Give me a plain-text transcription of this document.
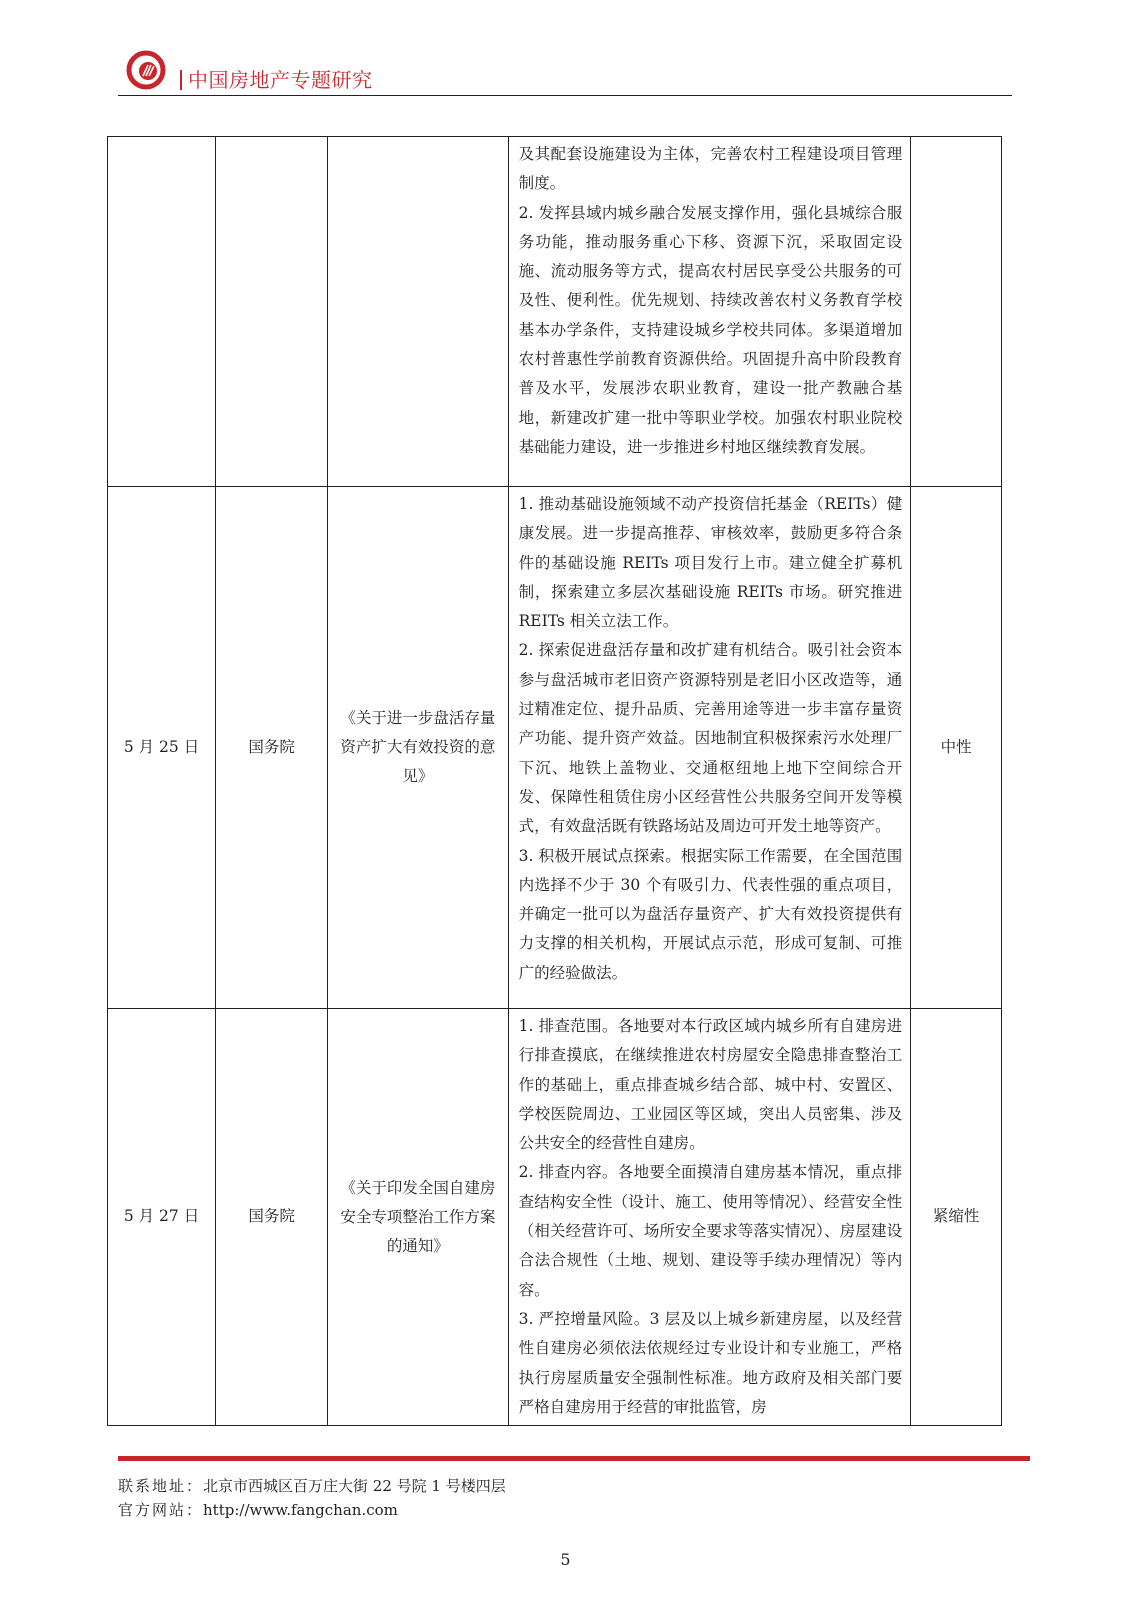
中国房地产专题研究

			及其配套设施建设为主体，完善农村工程建设项目管理制度。

2. 发挥县域内城乡融合发展支撑作用，强化县城综合服务功能，推动服务重心下移、资源下沉，采取固定设施、流动服务等方式，提高农村居民享受公共服务的可及性、便利性。优先规划、持续改善农村义务教育学校基本办学条件，支持建设城乡学校共同体。多渠道增加农村普惠性学前教育资源供给。巩固提升高中阶段教育普及水平，发展涉农职业教育，建设一批产教融合基地，新建改扩建一批中等职业学校。加强农村职业院校基础能力建设，进一步推进乡村地区继续教育发展。	

5 月 25 日	国务院	《关于进一步盘活存量资产扩大有效投资的意见》	1. 推动基础设施领域不动产投资信托基金（REITs）健康发展。进一步提高推荐、审核效率，鼓励更多符合条件的基础设施 REITs 项目发行上市。建立健全扩募机制，探索建立多层次基础设施 REITs 市场。研究推进 REITs 相关立法工作。

2. 探索促进盘活存量和改扩建有机结合。吸引社会资本参与盘活城市老旧资产资源特别是老旧小区改造等，通过精准定位、提升品质、完善用途等进一步丰富存量资产功能、提升资产效益。因地制宜积极探索污水处理厂下沉、地铁上盖物业、交通枢纽地上地下空间综合开发、保障性租赁住房小区经营性公共服务空间开发等模式，有效盘活既有铁路场站及周边可开发土地等资产。

3. 积极开展试点探索。根据实际工作需要，在全国范围内选择不少于 30 个有吸引力、代表性强的重点项目，并确定一批可以为盘活存量资产、扩大有效投资提供有力支撑的相关机构，开展试点示范，形成可复制、可推广的经验做法。	中性
5 月 27 日	国务院	《关于印发全国自建房安全专项整治工作方案的通知》	1. 排查范围。各地要对本行政区域内城乡所有自建房进行排查摸底，在继续推进农村房屋安全隐患排查整治工作的基础上，重点排查城乡结合部、城中村、安置区、学校医院周边、工业园区等区域，突出人员密集、涉及公共安全的经营性自建房。

2. 排查内容。各地要全面摸清自建房基本情况，重点排查结构安全性（设计、施工、使用等情况）、经营安全性（相关经营许可、场所安全要求等落实情况）、房屋建设合法合规性（土地、规划、建设等手续办理情况）等内容。

3. 严控增量风险。3 层及以上城乡新建房屋，以及经营性自建房必须依法依规经过专业设计和专业施工，严格执行房屋质量安全强制性标准。地方政府及相关部门要严格自建房用于经营的审批监管，房	紧缩性
联系地址：北京市西城区百万庄大街 22 号院 1 号楼四层
官方网站：http://www.fangchan.com
5
